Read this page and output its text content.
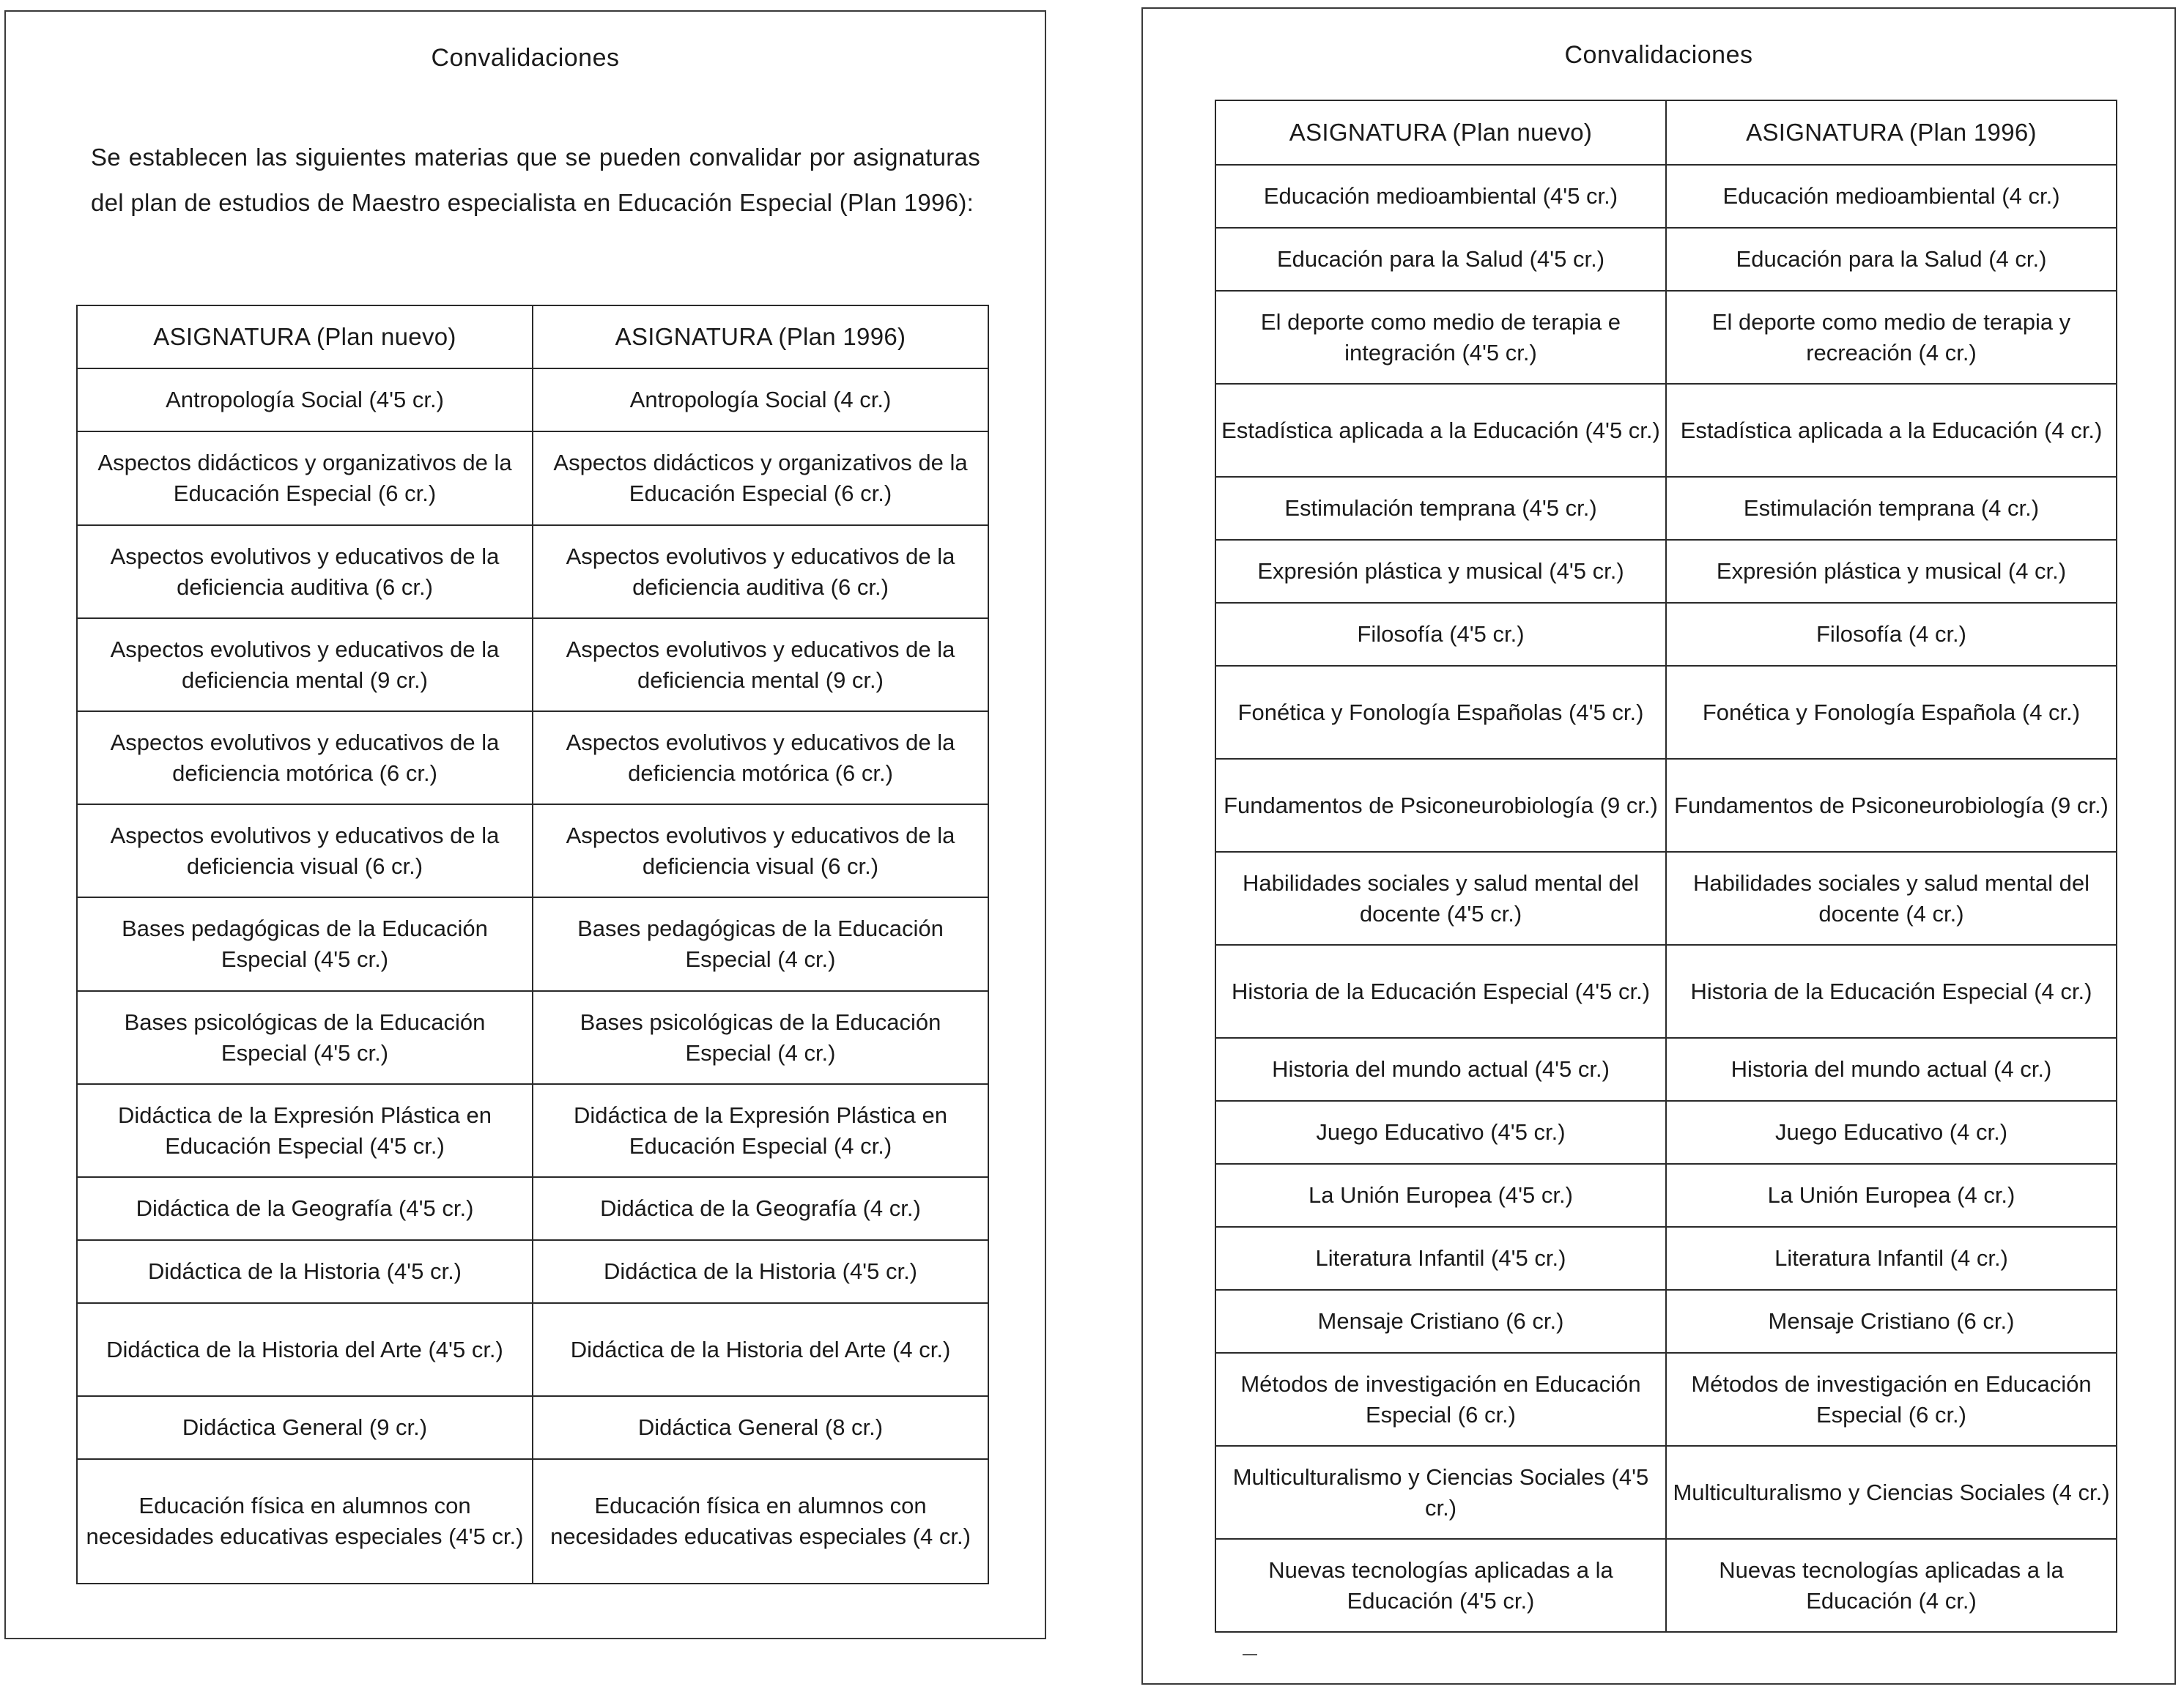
Convalidaciones
Se establecen las siguientes materias que se pueden convalidar por asignaturas del plan de estudios de Maestro especialista en Educación Especial (Plan 1996):
ASIGNATURA (Plan nuevo)	ASIGNATURA (Plan 1996)
Antropología Social (4'5 cr.)	Antropología Social (4 cr.)
Aspectos didácticos y organizativos de la Educación Especial (6 cr.)	Aspectos didácticos y organizativos de la Educación Especial (6 cr.)
Aspectos evolutivos y educativos de la deficiencia auditiva (6 cr.)	Aspectos evolutivos y educativos de la deficiencia auditiva (6 cr.)
Aspectos evolutivos y educativos de la deficiencia mental (9 cr.)	Aspectos evolutivos y educativos de la deficiencia mental (9 cr.)
Aspectos evolutivos y educativos de la deficiencia motórica (6 cr.)	Aspectos evolutivos y educativos de la deficiencia motórica (6 cr.)
Aspectos evolutivos y educativos de la deficiencia visual (6 cr.)	Aspectos evolutivos y educativos de la deficiencia visual (6 cr.)
Bases pedagógicas de la Educación Especial (4'5 cr.)	Bases pedagógicas de la Educación Especial (4 cr.)
Bases psicológicas de la Educación Especial (4'5 cr.)	Bases psicológicas de la Educación Especial (4 cr.)
Didáctica de la Expresión Plástica en Educación Especial (4'5 cr.)	Didáctica de la Expresión Plástica en Educación Especial (4 cr.)
Didáctica de la Geografía (4'5 cr.)	Didáctica de la Geografía (4 cr.)
Didáctica de la Historia (4'5 cr.)	Didáctica de la Historia (4'5 cr.)
Didáctica de la Historia del Arte (4'5 cr.)	Didáctica de la Historia del Arte (4 cr.)
Didáctica General (9 cr.)	Didáctica General (8 cr.)
Educación física en alumnos con necesidades educativas especiales (4'5 cr.)	Educación física en alumnos con necesidades educativas especiales (4 cr.)
Convalidaciones
ASIGNATURA (Plan nuevo)	ASIGNATURA (Plan 1996)
Educación medioambiental (4'5 cr.)	Educación medioambiental (4 cr.)
Educación para la Salud (4'5 cr.)	Educación para la Salud (4 cr.)
El deporte como medio de terapia e integración (4'5 cr.)	El deporte como medio de terapia y recreación (4 cr.)
Estadística aplicada a la Educación (4'5 cr.)	Estadística aplicada a la Educación (4 cr.)
Estimulación temprana (4'5 cr.)	Estimulación temprana (4 cr.)
Expresión plástica y musical (4'5 cr.)	Expresión plástica y musical (4 cr.)
Filosofía (4'5 cr.)	Filosofía (4 cr.)
Fonética y Fonología Españolas (4'5 cr.)	Fonética y Fonología Española (4 cr.)
Fundamentos de Psiconeurobiología (9 cr.)	Fundamentos de Psiconeurobiología (9 cr.)
Habilidades sociales y salud mental del docente (4'5 cr.)	Habilidades sociales y salud mental del docente (4 cr.)
Historia de la Educación Especial (4'5 cr.)	Historia de la Educación Especial (4 cr.)
Historia del mundo actual (4'5 cr.)	Historia del mundo actual (4 cr.)
Juego Educativo (4'5 cr.)	Juego Educativo (4 cr.)
La Unión Europea (4'5 cr.)	La Unión Europea (4 cr.)
Literatura Infantil (4'5 cr.)	Literatura Infantil (4 cr.)
Mensaje Cristiano (6 cr.)	Mensaje Cristiano (6 cr.)
Métodos de investigación en Educación Especial (6 cr.)	Métodos de investigación en Educación Especial (6 cr.)
Multiculturalismo y Ciencias Sociales (4'5 cr.)	Multiculturalismo y Ciencias Sociales (4 cr.)
Nuevas tecnologías aplicadas a la Educación (4'5 cr.)	Nuevas tecnologías aplicadas a la Educación (4 cr.)
